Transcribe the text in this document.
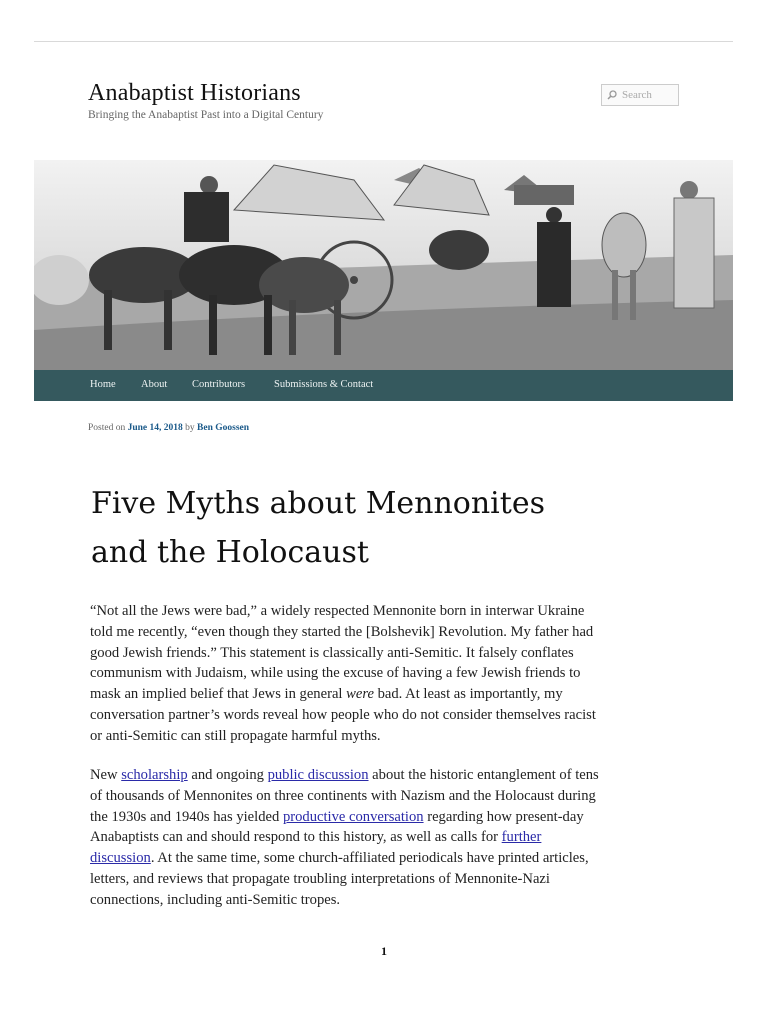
Anabaptist Historians
Bringing the Anabaptist Past into a Digital Century
Search
Home About Contributors	Submissions & Contact
Posted on June 14, 2018 by Ben Goossen
Five Myths about Mennonites
and the Holocaust
“Not all the Jews were bad,” a widely respected Mennonite born in interwar Ukraine
told me recently, “even though they started the [Bolshevik] Revolution. My father had
good Jewish friends.” This statement is classically anti-Semitic. It falsely conflates
communism with Judaism, while using the excuse of having a few Jewish friends to
mask an implied belief that Jews in general were bad. At least as importantly, my
conversation partner’s words reveal how people who do not consider themselves racist
or anti-Semitic can still propagate harmful myths.
New scholarship and ongoing public discussion about the historic entanglement of tens
of thousands of Mennonites on three continents with Nazism and the Holocaust during
the 1930s and 1940s has yielded productive conversation regarding how present-day
Anabaptists can and should respond to this history, as well as calls for further
discussion. At the same time, some church-affiliated periodicals have printed articles,
letters, and reviews that propagate troubling interpretations of Mennonite-Nazi
connections, including anti-Semitic tropes.
1
